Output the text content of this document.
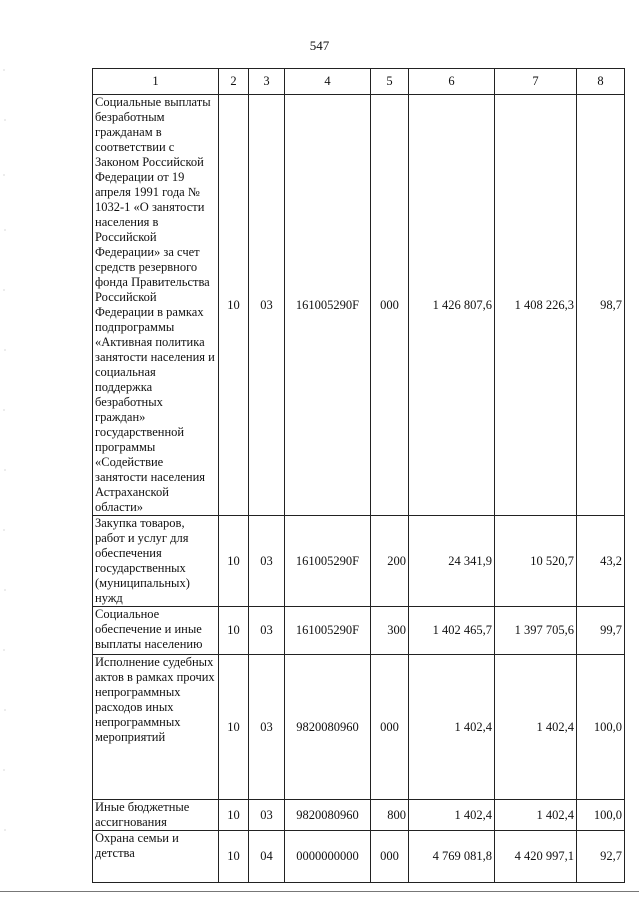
547
1	2	3	4	5	6	7	8
Социальные выплаты безработным гражданам в соответствии с Законом Российской Федерации от 19 апреля 1991 года № 1032-1 «О занятости населения в Российской Федерации» за счет средств резервного фонда Правительства Российской Федерации в рамках подпрограммы «Активная политика занятости населения и социальная поддержка безработных граждан» государственной программы «Содействие занятости населения Астраханской области»	10	03	161005290F	000	1 426 807,6	1 408 226,3	98,7
Закупка товаров, работ и услуг для обеспечения государственных (муниципальных) нужд	10	03	161005290F	200	24 341,9	10 520,7	43,2
Социальное обеспечение и иные выплаты населению	10	03	161005290F	300	1 402 465,7	1 397 705,6	99,7
Исполнение судебных актов в рамках прочих непрограммных расходов иных непрограммных мероприятий	10	03	9820080960	000	1 402,4	1 402,4	100,0
Иные бюджетные ассигнования	10	03	9820080960	800	1 402,4	1 402,4	100,0
Охрана семьи и детства	10	04	0000000000	000	4 769 081,8	4 420 997,1	92,7
